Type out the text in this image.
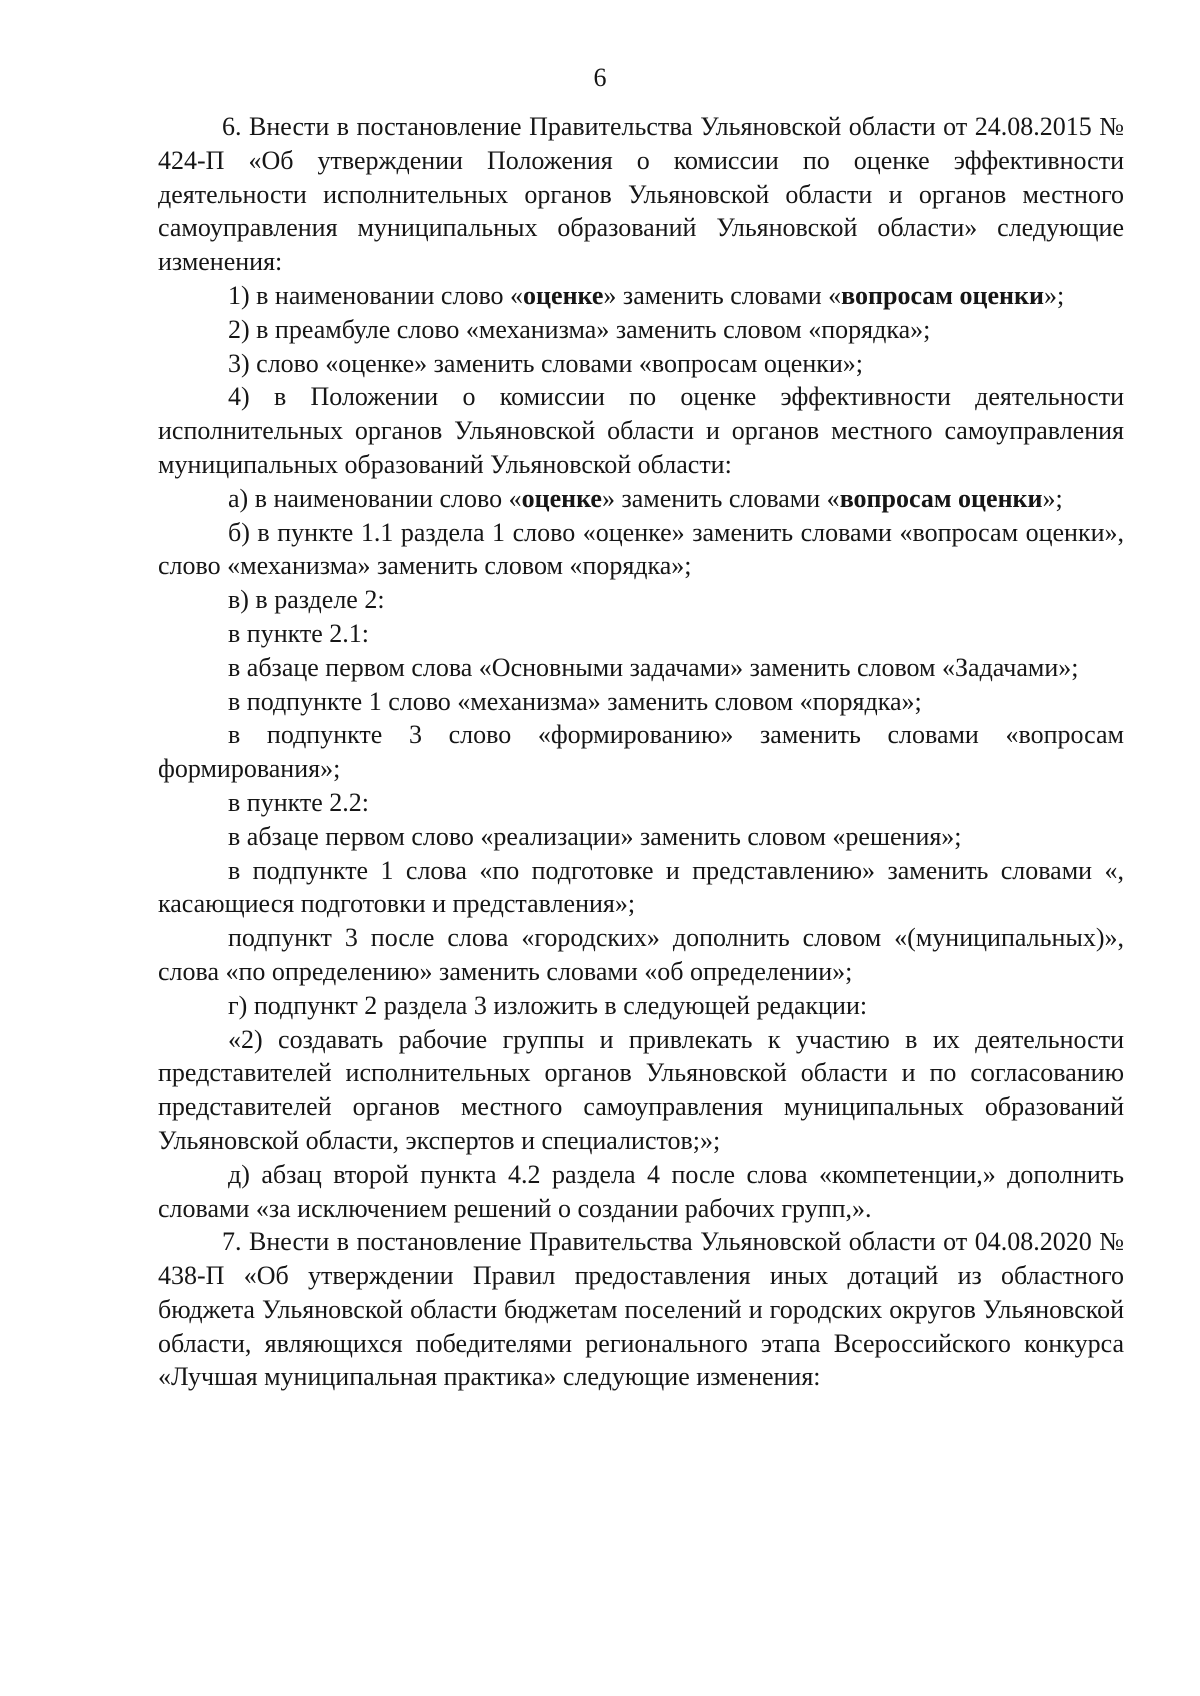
6

6. Внести в постановление Правительства Ульяновской области от 24.08.2015 № 424-П «Об утверждении Положения о комиссии по оценке эффективности деятельности исполнительных органов Ульяновской области и органов местного самоуправления муниципальных образований Ульяновской области» следующие изменения:

1) в наименовании слово «оценке» заменить словами «вопросам оценки»;

2) в преамбуле слово «механизма» заменить словом «порядка»;

3) слово «оценке» заменить словами «вопросам оценки»;

4) в Положении о комиссии по оценке эффективности деятельности исполнительных органов Ульяновской области и органов местного самоуправления муниципальных образований Ульяновской области:

а) в наименовании слово «оценке» заменить словами «вопросам оценки»;

б) в пункте 1.1 раздела 1 слово «оценке» заменить словами «вопросам оценки», слово «механизма» заменить словом «порядка»;

в) в разделе 2:

в пункте 2.1:

в абзаце первом слова «Основными задачами» заменить словом «Задачами»;

в подпункте 1 слово «механизма» заменить словом «порядка»;

в подпункте 3 слово «формированию» заменить словами «вопросам формирования»;

в пункте 2.2:

в абзаце первом слово «реализации» заменить словом «решения»;

в подпункте 1 слова «по подготовке и представлению» заменить словами «, касающиеся подготовки и представления»;

подпункт 3 после слова «городских» дополнить словом «(муниципальных)», слова «по определению» заменить словами «об определении»;

г) подпункт 2 раздела 3 изложить в следующей редакции:

«2) создавать рабочие группы и привлекать к участию в их деятельности представителей исполнительных органов Ульяновской области и по согласованию представителей органов местного самоуправления муниципальных образований Ульяновской области, экспертов и специалистов;»;

д) абзац второй пункта 4.2 раздела 4 после слова «компетенции,» дополнить словами «за исключением решений о создании рабочих групп,».

7. Внести в постановление Правительства Ульяновской области от 04.08.2020 № 438-П «Об утверждении Правил предоставления иных дотаций из областного бюджета Ульяновской области бюджетам поселений и городских округов Ульяновской области, являющихся победителями регионального этапа Всероссийского конкурса «Лучшая муниципальная практика» следующие изменения:
